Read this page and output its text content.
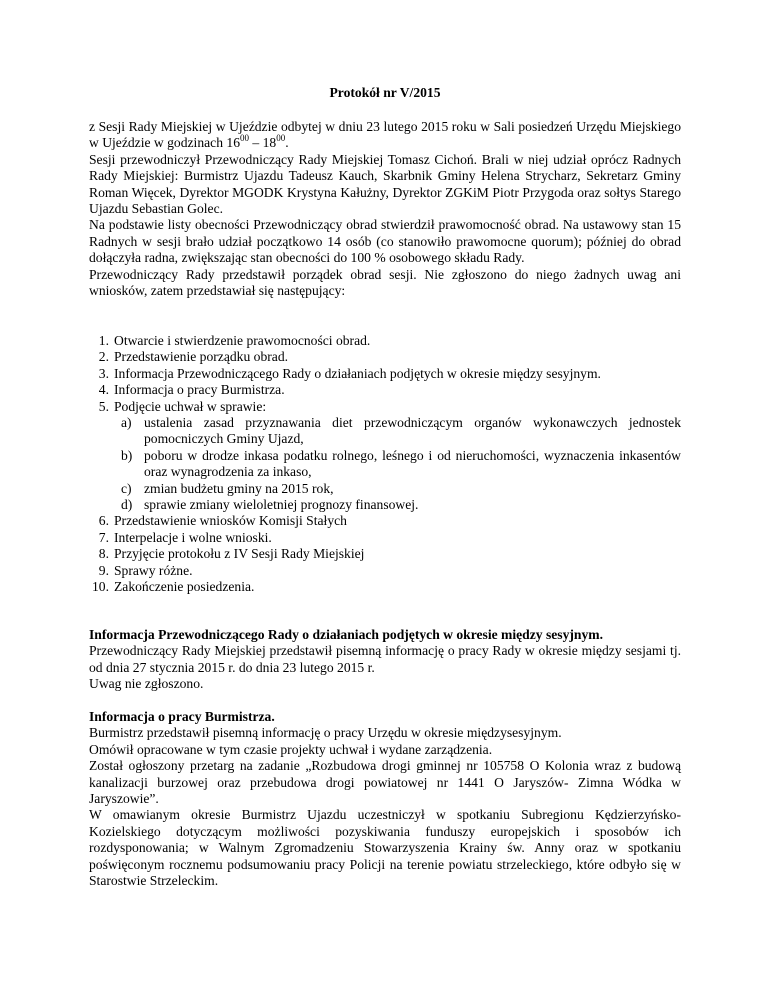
Protokół nr V/2015
z Sesji Rady Miejskiej w Ujeździe odbytej w dniu 23 lutego 2015 roku w Sali posiedzeń Urzędu Miejskiego w Ujeździe w godzinach $16^{00} - 18^{00}$.
Sesji przewodniczył Przewodniczący Rady Miejskiej Tomasz Cichoń. Brali w niej udział oprócz Radnych Rady Miejskiej: Burmistrz Ujazdu Tadeusz Kauch, Skarbnik Gminy Helena Strycharz, Sekretarz Gminy Roman Więcek, Dyrektor MGODK Krystyna Kałużny, Dyrektor ZGKiM Piotr Przygoda oraz sołtys Starego Ujazdu Sebastian Golec.
Na podstawie listy obecności Przewodniczący obrad stwierdził prawomocność obrad. Na ustawowy stan 15 Radnych w sesji brało udział początkowo 14 osób (co stanowiło prawomocne quorum); później do obrad dołączyła radna, zwiększając stan obecności do 100 % osobowego składu Rady.
Przewodniczący Rady przedstawił porządek obrad sesji. Nie zgłoszono do niego żadnych uwag ani wniosków, zatem przedstawiał się następujący:
1. Otwarcie i stwierdzenie prawomocności obrad.
2. Przedstawienie porządku obrad.
3. Informacja Przewodniczącego Rady o działaniach podjętych w okresie między sesyjnym.
4. Informacja o pracy Burmistrza.
5. Podjęcie uchwał w sprawie:
a) ustalenia zasad przyznawania diet przewodniczącym organów wykonawczych jednostek pomocniczych Gminy Ujazd,
b) poboru w drodze inkasa podatku rolnego, leśnego i od nieruchomości, wyznaczenia inkasentów oraz wynagrodzenia za inkaso,
c) zmian budżetu gminy na 2015 rok,
d) sprawie zmiany wieloletniej prognozy finansowej.
6. Przedstawienie wniosków Komisji Stałych
7. Interpelacje i wolne wnioski.
8. Przyjęcie protokołu z IV Sesji Rady Miejskiej
9. Sprawy różne.
10. Zakończenie posiedzenia.
Informacja Przewodniczącego Rady o działaniach podjętych w okresie między sesyjnym.
Przewodniczący Rady Miejskiej przedstawił pisemną informację o pracy Rady w okresie między sesjami tj. od dnia 27 stycznia 2015 r. do dnia 23 lutego 2015 r.
Uwag nie zgłoszono.
Informacja o pracy Burmistrza.
Burmistrz przedstawił pisemną informację o pracy Urzędu w okresie międzysesyjnym.
Omówił opracowane w tym czasie projekty uchwał i wydane zarządzenia.
Został ogłoszony przetarg na zadanie „Rozbudowa drogi gminnej nr 105758 O Kolonia wraz z budową kanalizacji burzowej oraz przebudowa drogi powiatowej nr 1441 O Jaryszów- Zimna Wódka w Jaryszowie”.
W omawianym okresie Burmistrz Ujazdu uczestniczył w spotkaniu Subregionu Kędzierzyńsko-Kozielskiego dotyczącym możliwości pozyskiwania funduszy europejskich i sposobów ich rozdysponowania; w Walnym Zgromadzeniu Stowarzyszenia Krainy św. Anny oraz w spotkaniu poświęconym rocznemu podsumowaniu pracy Policji na terenie powiatu strzeleckiego, które odbyło się w Starostwie Strzeleckim.
